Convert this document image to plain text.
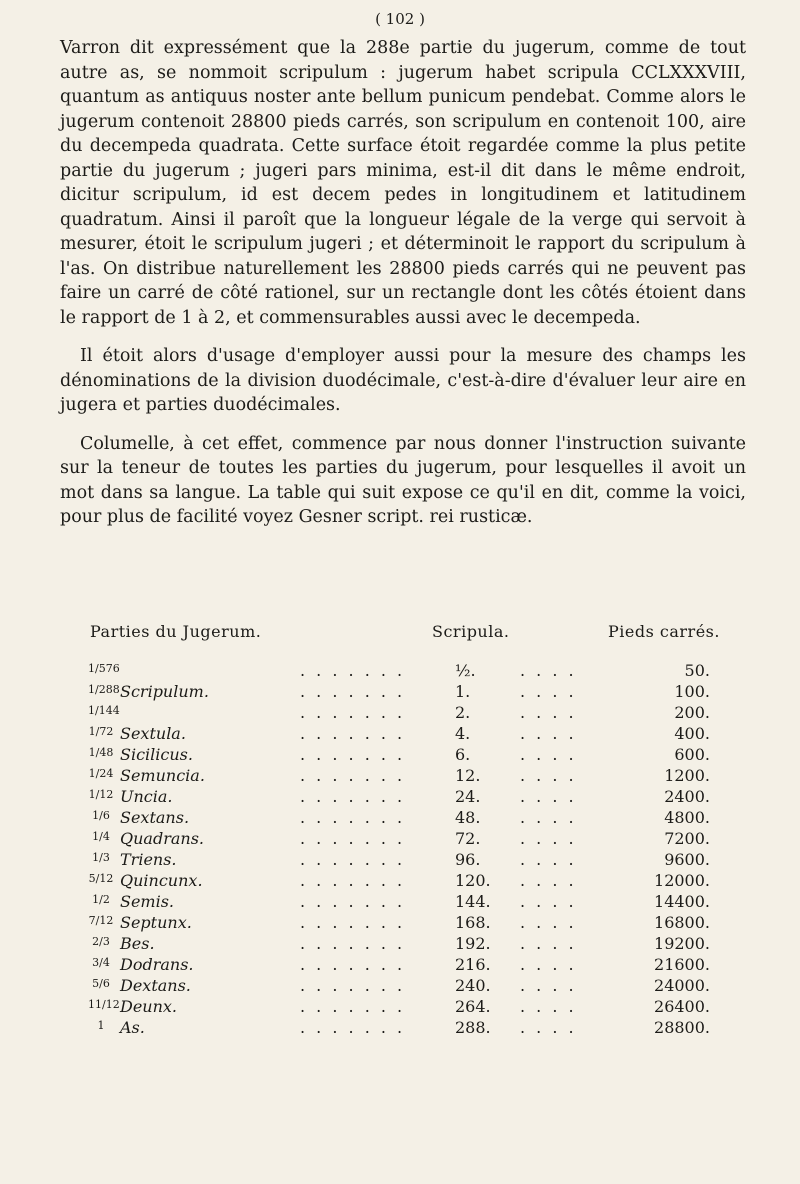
( 102 )

Varron dit expressément que la 288e partie du jugerum, comme de tout autre as, se nommoit scripulum : jugerum habet scripula CCLXXXVIII, quantum as antiquus noster ante bellum punicum pendebat. Comme alors le jugerum contenoit 28800 pieds carrés, son scripulum en contenoit 100, aire du decempeda quadrata. Cette surface étoit regardée comme la plus petite partie du jugerum ; jugeri pars minima, est-il dit dans le même endroit, dicitur scripulum, id est decem pedes in longitudinem et latitudinem quadratum. Ainsi il paroît que la longueur légale de la verge qui servoit à mesurer, étoit le scripulum jugeri ; et déterminoit le rapport du scripulum à l'as. On distribue naturellement les 28800 pieds carrés qui ne peuvent pas faire un carré de côté rationel, sur un rectangle dont les côtés étoient dans le rapport de 1 à 2, et commensurables aussi avec le decempeda.

Il étoit alors d'usage d'employer aussi pour la mesure des champs les dénominations de la division duodécimale, c'est-à-dire d'évaluer leur aire en jugera et parties duodécimales.

Columelle, à cet effet, commence par nous donner l'instruction suivante sur la teneur de toutes les parties du jugerum, pour lesquelles il avoit un mot dans sa langue. La table qui suit expose ce qu'il en dit, comme la voici, pour plus de facilité voyez Gesner script. rei rusticæ.

Parties du Jugerum.	Scripula.	Pieds carrés.
1/576	. . . . . . .	½.	. . . .	50.
1/288 Scripulum.	. . . . . . .	1.	. . . .	100.
1/144	. . . . . . .	2.	. . . .	200.
1/72 Sextula.	. . . . . . .	4.	. . . .	400.
1/48 Sicilicus.	. . . . . . .	6.	. . . .	600.
1/24 Semuncia.	. . . . . . .	12.	. . . .	1200.
1/12 Uncia.	. . . . . . .	24.	. . . .	2400.
1/6 Sextans.	. . . . . . .	48.	. . . .	4800.
1/4 Quadrans.	. . . . . . .	72.	. . . .	7200.
1/3 Triens.	. . . . . . .	96.	. . . .	9600.
5/12 Quincunx.	. . . . . . .	120.	. . . .	12000.
1/2 Semis.	. . . . . . .	144.	. . . .	14400.
7/12 Septunx.	. . . . . . .	168.	. . . .	16800.
2/3 Bes.	. . . . . . .	192.	. . . .	19200.
3/4 Dodrans.	. . . . . . .	216.	. . . .	21600.
5/6 Dextans.	. . . . . . .	240.	. . . .	24000.
11/12 Deunx.	. . . . . . .	264.	. . . .	26400.
1 As.	. . . . . . .	288.	. . . .	28800.
